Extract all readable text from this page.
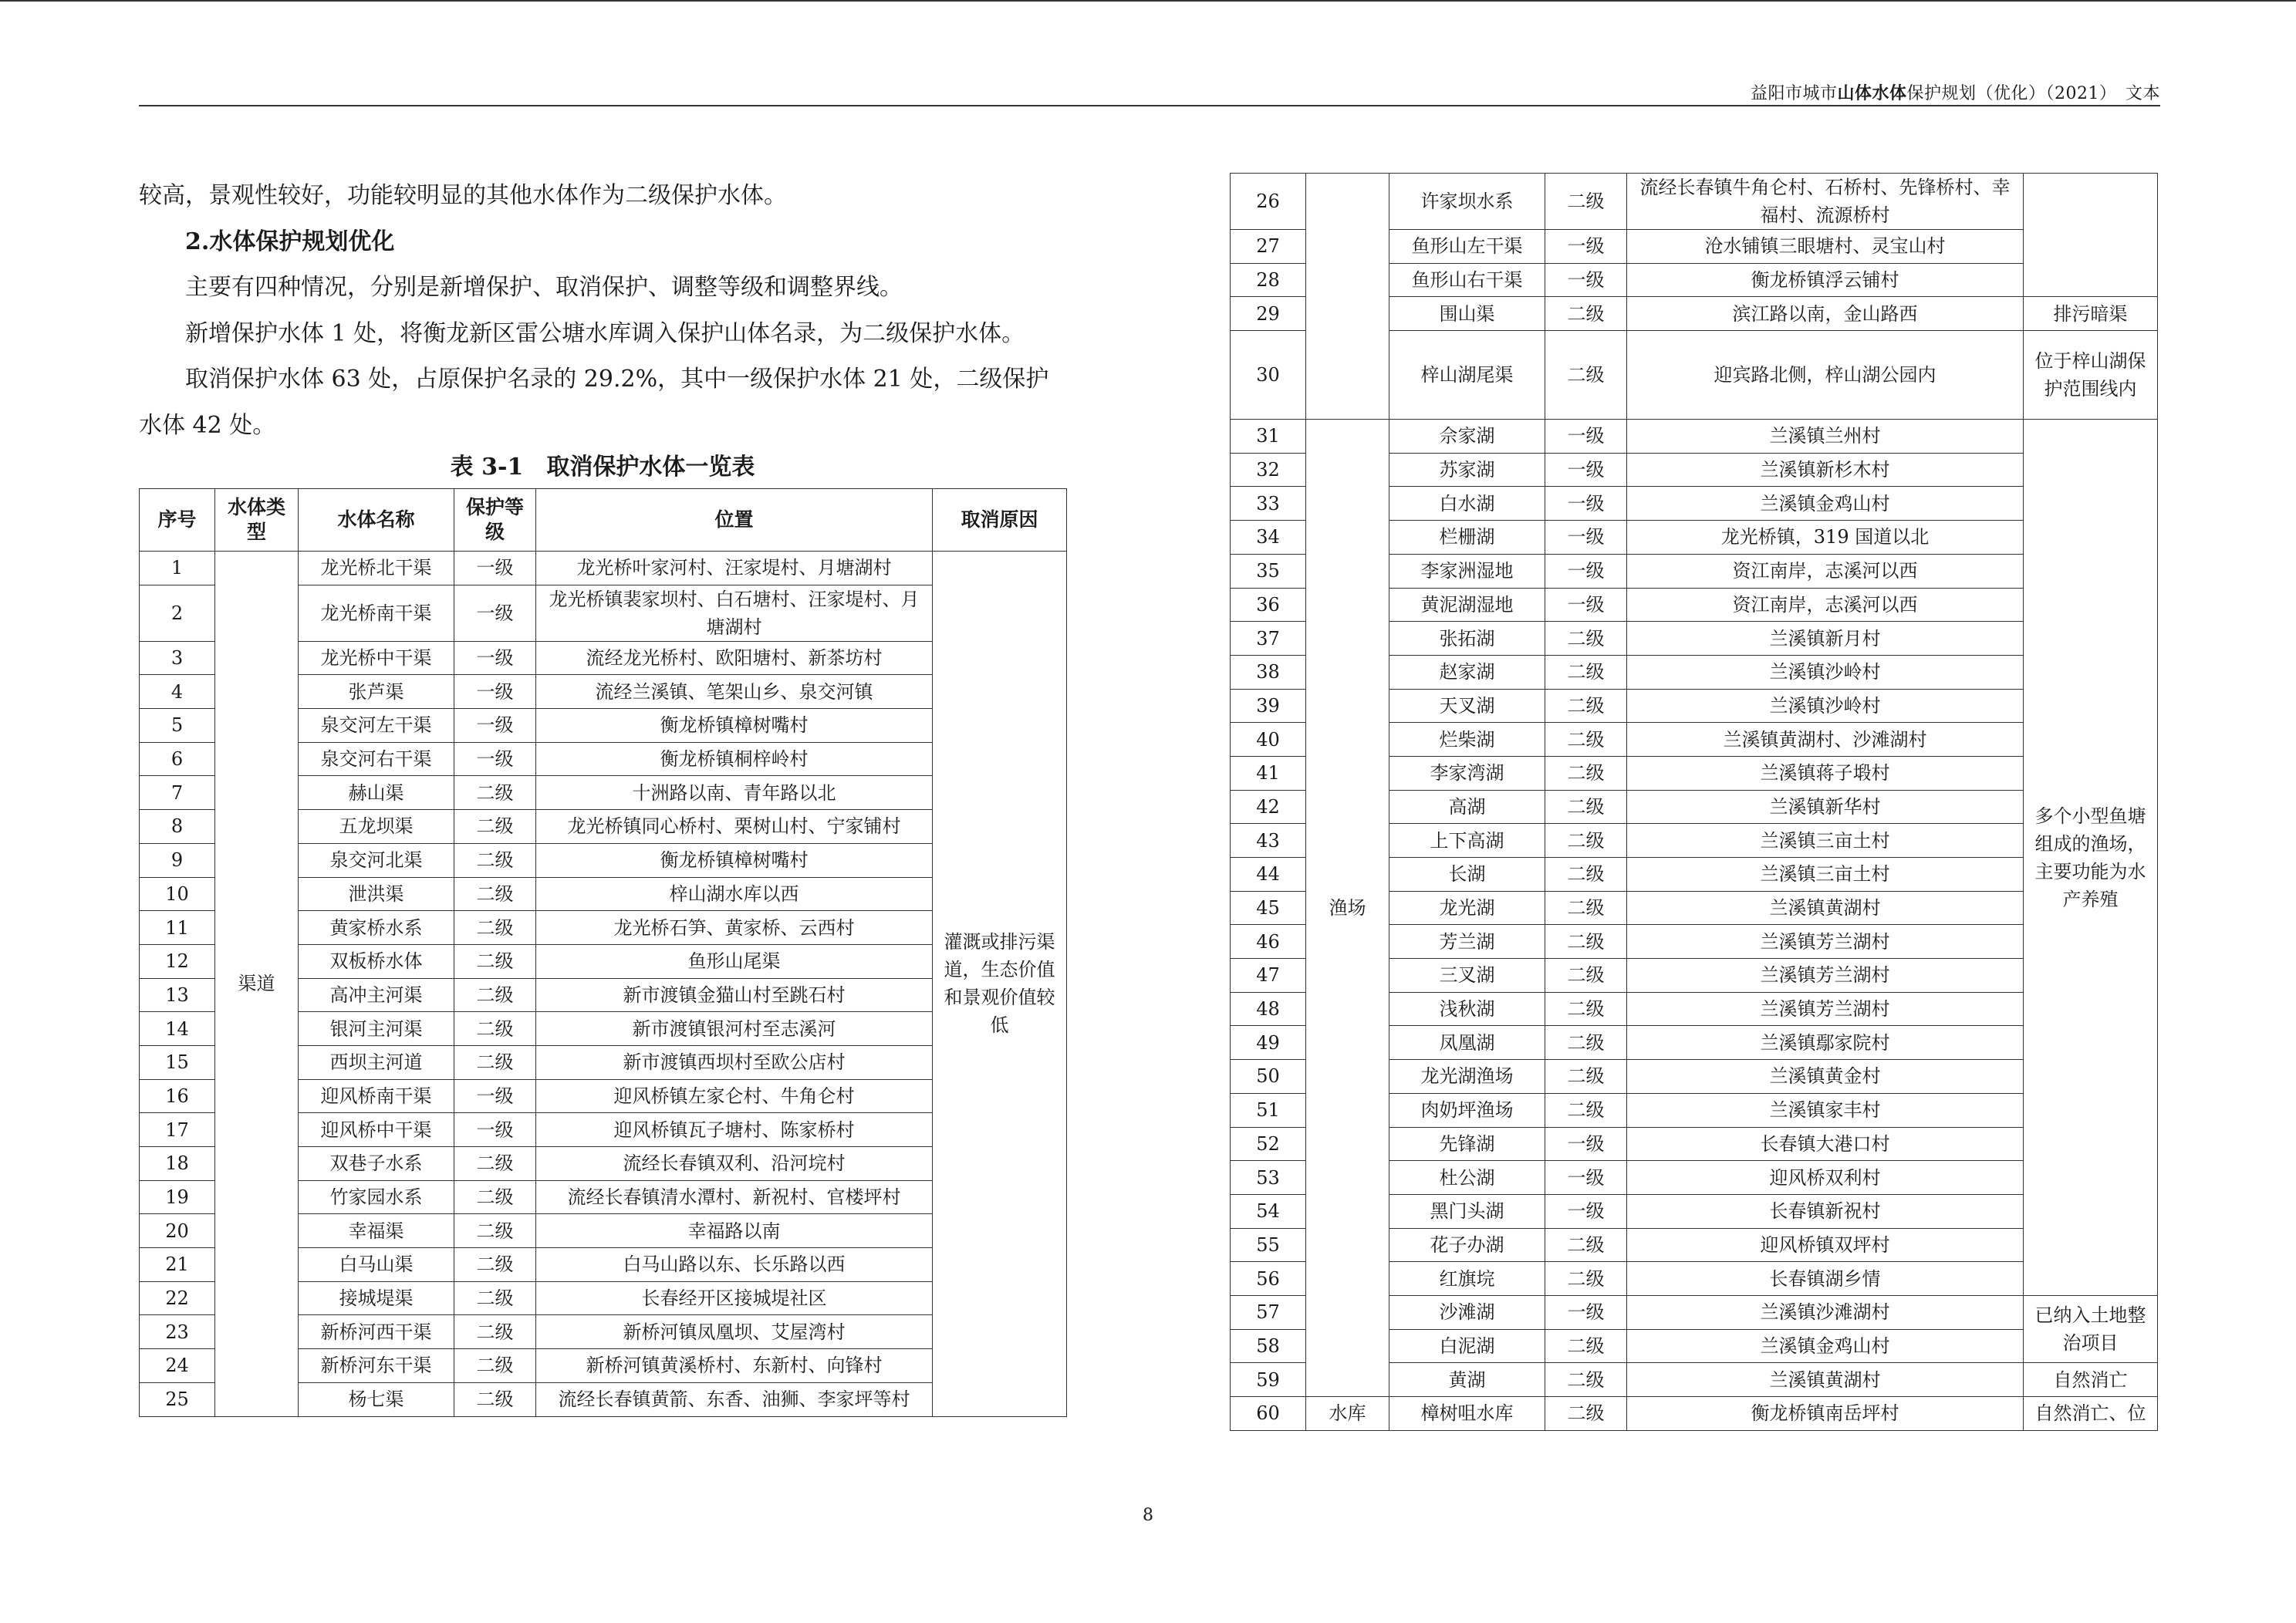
益阳市城市山体水体保护规划（优化）（2021）　文本

较高，景观性较好，功能较明显的其他水体作为二级保护水体。

2.水体保护规划优化

主要有四种情况，分别是新增保护、取消保护、调整等级和调整界线。

新增保护水体 1 处，将衡龙新区雷公塘水库调入保护山体名录，为二级保护水体。

取消保护水体 63 处，占原保护名录的 29.2%，其中一级保护水体 21 处，二级保护水体 42 处。

表 3-1　取消保护水体一览表
序号	水体类型	水体名称	保护等级	位置	取消原因
1	渠道	龙光桥北干渠	一级	龙光桥叶家河村、汪家堤村、月塘湖村	灌溉或排污渠道，生态价值和景观价值较低
2		龙光桥南干渠	一级	龙光桥镇裴家坝村、白石塘村、汪家堤村、月塘湖村	
3		龙光桥中干渠	一级	流经龙光桥村、欧阳塘村、新茶坊村	
4		张芦渠	一级	流经兰溪镇、笔架山乡、泉交河镇	
5		泉交河左干渠	一级	衡龙桥镇樟树嘴村	
6		泉交河右干渠	一级	衡龙桥镇桐梓岭村	
7		赫山渠	二级	十洲路以南、青年路以北	
8		五龙坝渠	二级	龙光桥镇同心桥村、栗树山村、宁家铺村	
9		泉交河北渠	二级	衡龙桥镇樟树嘴村	
10		泄洪渠	二级	梓山湖水库以西	
11		黄家桥水系	二级	龙光桥石笋、黄家桥、云西村	
12		双板桥水体	二级	鱼形山尾渠	
13		高冲主河渠	二级	新市渡镇金猫山村至跳石村	
14		银河主河渠	二级	新市渡镇银河村至志溪河	
15		西坝主河道	二级	新市渡镇西坝村至欧公店村	
16		迎风桥南干渠	一级	迎风桥镇左家仑村、牛角仑村	
17		迎风桥中干渠	一级	迎风桥镇瓦子塘村、陈家桥村	
18		双巷子水系	二级	流经长春镇双利、沿河垸村	
19		竹家园水系	二级	流经长春镇清水潭村、新祝村、官楼坪村	
20		幸福渠	二级	幸福路以南	
21		白马山渠	二级	白马山路以东、长乐路以西	
22		接城堤渠	二级	长春经开区接城堤社区	
23		新桥河西干渠	二级	新桥河镇凤凰坝、艾屋湾村	
24		新桥河东干渠	二级	新桥河镇黄溪桥村、东新村、向锋村	
25		杨七渠	二级	流经长春镇黄箭、东香、油狮、李家坪等村	
26		许家坝水系	二级	流经长春镇牛角仑村、石桥村、先锋桥村、幸福村、流源桥村	
27		鱼形山左干渠	一级	沧水铺镇三眼塘村、灵宝山村	
28		鱼形山右干渠	一级	衡龙桥镇浮云铺村	
29		围山渠	二级	滨江路以南，金山路西	排污暗渠
30		梓山湖尾渠	二级	迎宾路北侧，梓山湖公园内	位于梓山湖保护范围线内
31	渔场	佘家湖	一级	兰溪镇兰州村	多个小型鱼塘组成的渔场，主要功能为水产养殖
32		苏家湖	一级	兰溪镇新杉木村	
33		白水湖	一级	兰溪镇金鸡山村	
34		栏栅湖	一级	龙光桥镇，319 国道以北	
35		李家洲湿地	一级	资江南岸，志溪河以西	
36		黄泥湖湿地	一级	资江南岸，志溪河以西	
37		张拓湖	二级	兰溪镇新月村	
38		赵家湖	二级	兰溪镇沙岭村	
39		天叉湖	二级	兰溪镇沙岭村	
40		烂柴湖	二级	兰溪镇黄湖村、沙滩湖村	
41		李家湾湖	二级	兰溪镇蒋子塅村	
42		高湖	二级	兰溪镇新华村	
43		上下高湖	二级	兰溪镇三亩土村	
44		长湖	二级	兰溪镇三亩土村	
45		龙光湖	二级	兰溪镇黄湖村	
46		芳兰湖	二级	兰溪镇芳兰湖村	
47		三叉湖	二级	兰溪镇芳兰湖村	
48		浅秋湖	二级	兰溪镇芳兰湖村	
49		凤凰湖	二级	兰溪镇鄢家院村	
50		龙光湖渔场	二级	兰溪镇黄金村	
51		肉奶坪渔场	二级	兰溪镇家丰村	
52		先锋湖	一级	长春镇大港口村	
53		杜公湖	一级	迎风桥双利村	
54		黑门头湖	一级	长春镇新祝村	
55		花子办湖	二级	迎风桥镇双坪村	
56		红旗垸	二级	长春镇湖乡情	
57		沙滩湖	一级	兰溪镇沙滩湖村	已纳入土地整治项目
58		白泥湖	二级	兰溪镇金鸡山村	
59		黄湖	二级	兰溪镇黄湖村	自然消亡
60	水库	樟树咀水库	二级	衡龙桥镇南岳坪村	自然消亡、位
8
